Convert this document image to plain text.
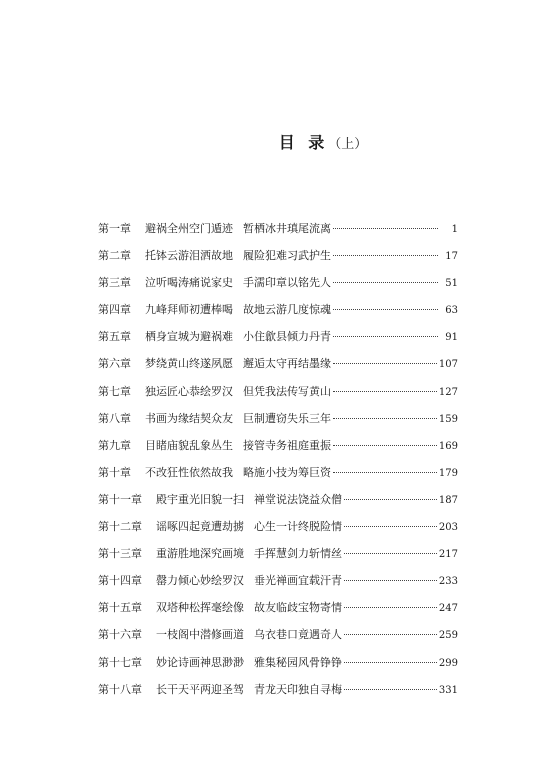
目 录（上）
第一章 避祸全州空门遁迹 暂栖冰井瑱尾流离	1
第二章 托钵云游泪洒故地 履险犯难习武护生	17
第三章 泣听喝涛痛说家史 手濡印章以铭先人	51
第四章 九峰拜师初遭棒喝 故地云游几度惊魂	63
第五章 栖身宣城为避祸难 小住歙县倾力丹青	91
第六章 梦绕黄山终遂夙愿 邂逅太守再结墨缘	107
第七章 独运匠心恭绘罗汉 但凭我法传写黄山	127
第八章 书画为缘结契众友 巨制遭窃失乐三年	159
第九章 目睹庙貌乱象丛生 接管寺务祖庭重振	169
第十章 不改狂性依然故我 略施小技为筹巨资	179
第十一章 殿宇重光旧貌一扫 禅堂说法饶益众僧	187
第十二章 谣啄四起竟遭劫掳 心生一计终脱险情	203
第十三章 重游胜地深究画境 手挥慧剑力斩情丝	217
第十四章 罄力倾心妙绘罗汉 垂光禅画宜载汗青	233
第十五章 双塔种松挥毫绘像 故友临歧宝物寄情	247
第十六章 一枝阁中潜修画道 乌衣巷口竟遇奇人	259
第十七章 妙论诗画神思渺渺 雅集秘园风骨铮铮	299
第十八章 长干天平两迎圣驾 青龙天印独自寻梅	331
